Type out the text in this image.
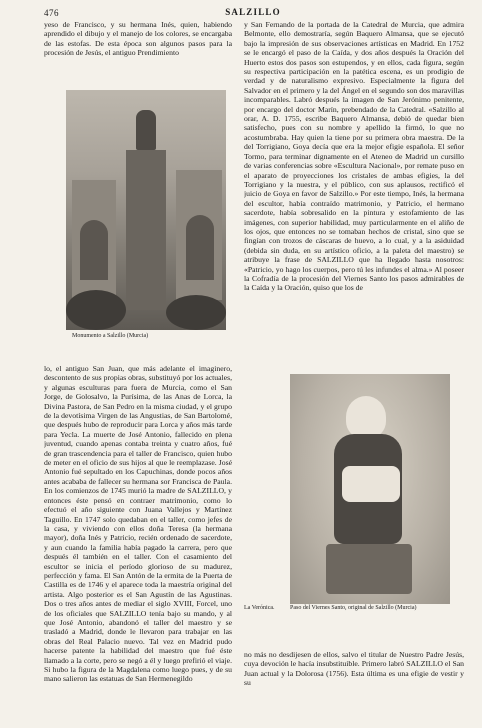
476	SALZILLO

yeso de Francisco, y su hermana Inés, quien, habiendo aprendido el dibujo y el manejo de los colores, se encargaba de las estofas. De esta época son algunos pasos para la procesión de Jesús, el antiguo Prendimiento

Monumento a Salzillo (Murcia)

y San Fernando de la portada de la Catedral de Murcia, que admira Belmonte, ello demostraría, según Baquero Almansa, que se ejecutó bajo la impresión de sus observaciones artísticas en Madrid. En 1752 se le encargó el paso de la Caída, y dos años después la Oración del Huerto estos dos pasos son estupendos, y en ellos, cada figura, según su respectiva participación en la patética escena, es un prodigio de verdad y de naturalismo expresivo. Especialmente la figura del Salvador en el primero y la del Ángel en el segundo son dos maravillas incomparables. Labró después la imagen de San Jerónimo penitente, por encargo del doctor Marín, prebendado de la Catedral. «Salzillo al orar, A. D. 1755, escribe Baquero Almansa, debió de quedar bien satisfecho, pues con su nombre y apellido la firmó, lo que no acostumbraba. Hay quien la tiene por su primera obra maestra. De la del Torrigiano, Goya decía que era la mejor efigie española. El señor Tormo, para terminar dignamente en el Ateneo de Madrid un cursillo de varias conferencias sobre «Escultura Nacional», por remate puso en el aparato de proyecciones los cristales de ambas efigies, la del Torrigiano y la nuestra, y el público, con sus aplausos, rectificó el juicio de Goya en favor de Salzillo.» Por este tiempo, Inés, la hermana del escultor, había contraído matrimonio, y Patricio, el hermano sacerdote, había sobresalido en la pintura y estofamiento de las imágenes, con superior habilidad, muy particularmente en el aliño de los ojos, que entonces no se tomaban hechos de cristal, sino que se fingían con trozos de cáscaras de huevo, a lo cual, y a la asiduidad (debida sin duda, en su artístico oficio, a la paleta del maestro) se atribuye la frase de SALZILLO que ha llegado hasta nosotros: «Patricio, yo hago los cuerpos, pero tú les infundes el alma.» Al poseer la Cofradía de la procesión del Viernes Santo los pasos admirables de la Caída y la Oración, quiso que los de

lo, el antiguo San Juan, que más adelante el imaginero, descontento de sus propias obras, substituyó por los actuales, y algunas esculturas para fuera de Murcia, como el San Jorge, de Golosalvo, la Purísima, de las Anas de Lorca, la Divina Pastora, de San Pedro en la misma ciudad, y el grupo de la devotísima Virgen de las Angustias, de San Bartolomé, que después hubo de reproducir para Lorca y años más tarde para Yecla. La muerte de José Antonio, fallecido en plena juventud, cuando apenas contaba treinta y cuatro años, fué de gran trascendencia para el taller de Francisco, quien hubo de meter en el oficio de sus hijos al que le reemplazase. José Antonio fué sepultado en los Capuchinas, donde pocos años antes acababa de fallecer su hermana sor Francisca de Paula. En los comienzos de 1745 murió la madre de SALZILLO, y entonces éste pensó en contraer matrimonio, como lo efectuó el año siguiente con Juana Vallejos y Martínez Taguillo. En 1747 solo quedaban en el taller, como jefes de la casa, y viviendo con ellos doña Teresa (la hermana mayor), doña Inés y Patricio, recién ordenado de sacerdote, y aun cuando la familia había pagado la carrera, pero que después él también en el taller. Con el casamiento del escultor se inicia el período glorioso de su madurez, perfección y fama. El San Antón de la ermita de la Puerta de Castilla es de 1746 y el aparece toda la maestría original del artista. Algo posterior es el San Agustín de las Agustinas. Dos o tres años antes de mediar el siglo XVIII, Forcel, uno de los oficiales que SALZILLO tenía bajo su mando, y al que José Antonio, abandonó el taller del maestro y se trasladó a Madrid, donde le llevaron para trabajar en las obras del Real Palacio nuevo. Tal vez en Madrid pudo hacerse patente la habilidad del maestro que fué éste llamado a la corte, pero se negó a él y luego prefirió el viaje. Si hubo la figura de la Magdalena como luego pues, y de su mano salieron las estatuas de San Hermenegildo

La Verónica.	Paso del Viernes Santo, original de Salzillo (Murcia)

no más no desdijesen de ellos, salvo el titular de Nuestro Padre Jesús, cuya devoción le hacía insubstituible. Primero labró SALZILLO el San Juan actual y la Dolorosa (1756). Esta última es una efigie de vestir y su
